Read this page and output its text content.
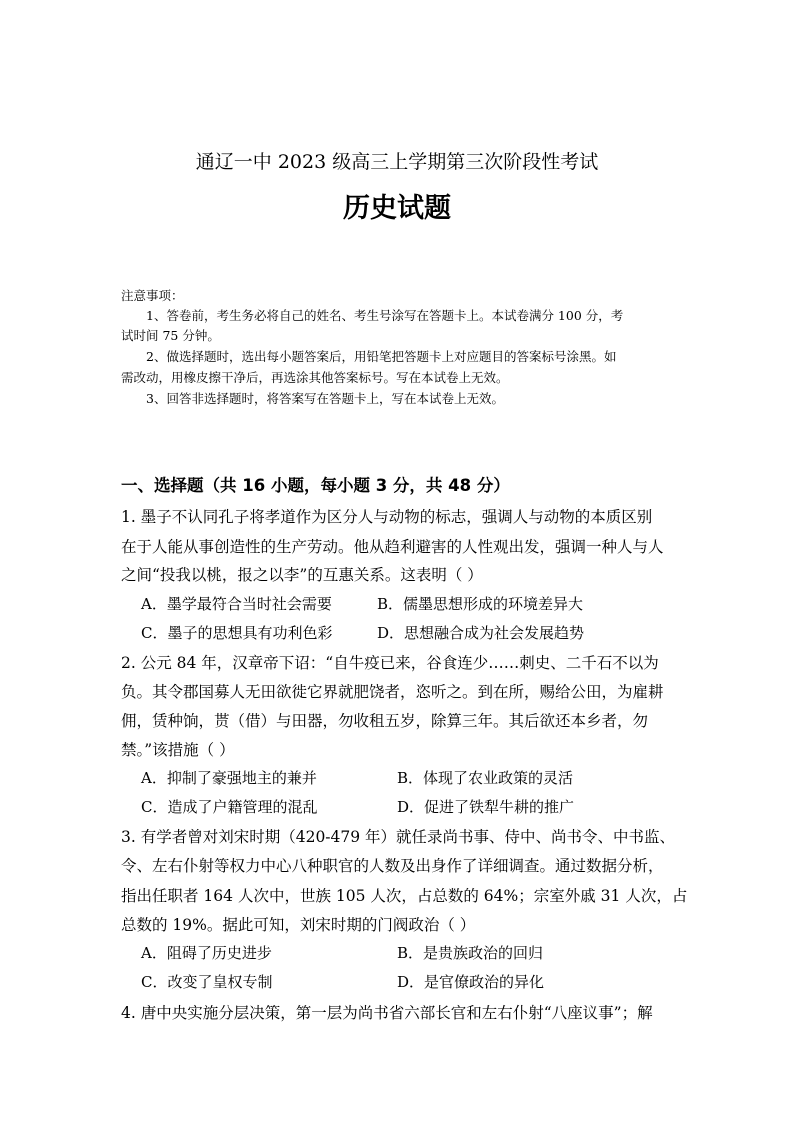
通辽一中 2023 级高三上学期第三次阶段性考试
历史试题
注意事项：
1、答卷前，考生务必将自己的姓名、考生号涂写在答题卡上。本试卷满分 100 分，考
试时间 75 分钟。
2、做选择题时，选出每小题答案后，用铅笔把答题卡上对应题目的答案标号涂黑。如
需改动，用橡皮擦干净后，再选涂其他答案标号。写在本试卷上无效。
3、回答非选择题时，将答案写在答题卡上，写在本试卷上无效。
一、选择题（共 16 小题，每小题 3 分，共 48 分）
1. 墨子不认同孔子将孝道作为区分人与动物的标志，强调人与动物的本质区别
在于人能从事创造性的生产劳动。他从趋利避害的人性观出发，强调一种人与人
之间“投我以桃，报之以李”的互惠关系。这表明（ ）
A．墨学最符合当时社会需要	B．儒墨思想形成的环境差异大
C．墨子的思想具有功利色彩	D．思想融合成为社会发展趋势
2. 公元 84 年，汉章帝下诏：“自牛疫已来，谷食连少……刺史、二千石不以为
负。其令郡国募人无田欲徙它界就肥饶者，恣听之。到在所，赐给公田，为雇耕
佣，赁种饷，贳（借）与田器，勿收租五岁，除算三年。其后欲还本乡者，勿
禁。”该措施（ ）
A．抑制了豪强地主的兼并	B．体现了农业政策的灵活
C．造成了户籍管理的混乱	D．促进了铁犁牛耕的推广
3. 有学者曾对刘宋时期（420-479 年）就任录尚书事、侍中、尚书令、中书监、
令、左右仆射等权力中心八种职官的人数及出身作了详细调查。通过数据分析，
指出任职者 164 人次中，世族 105 人次，占总数的 64%；宗室外戚 31 人次，占
总数的 19%。据此可知，刘宋时期的门阀政治（ ）
A．阻碍了历史进步	B．是贵族政治的回归
C．改变了皇权专制	D．是官僚政治的异化
4. 唐中央实施分层决策，第一层为尚书省六部长官和左右仆射“八座议事”；解
